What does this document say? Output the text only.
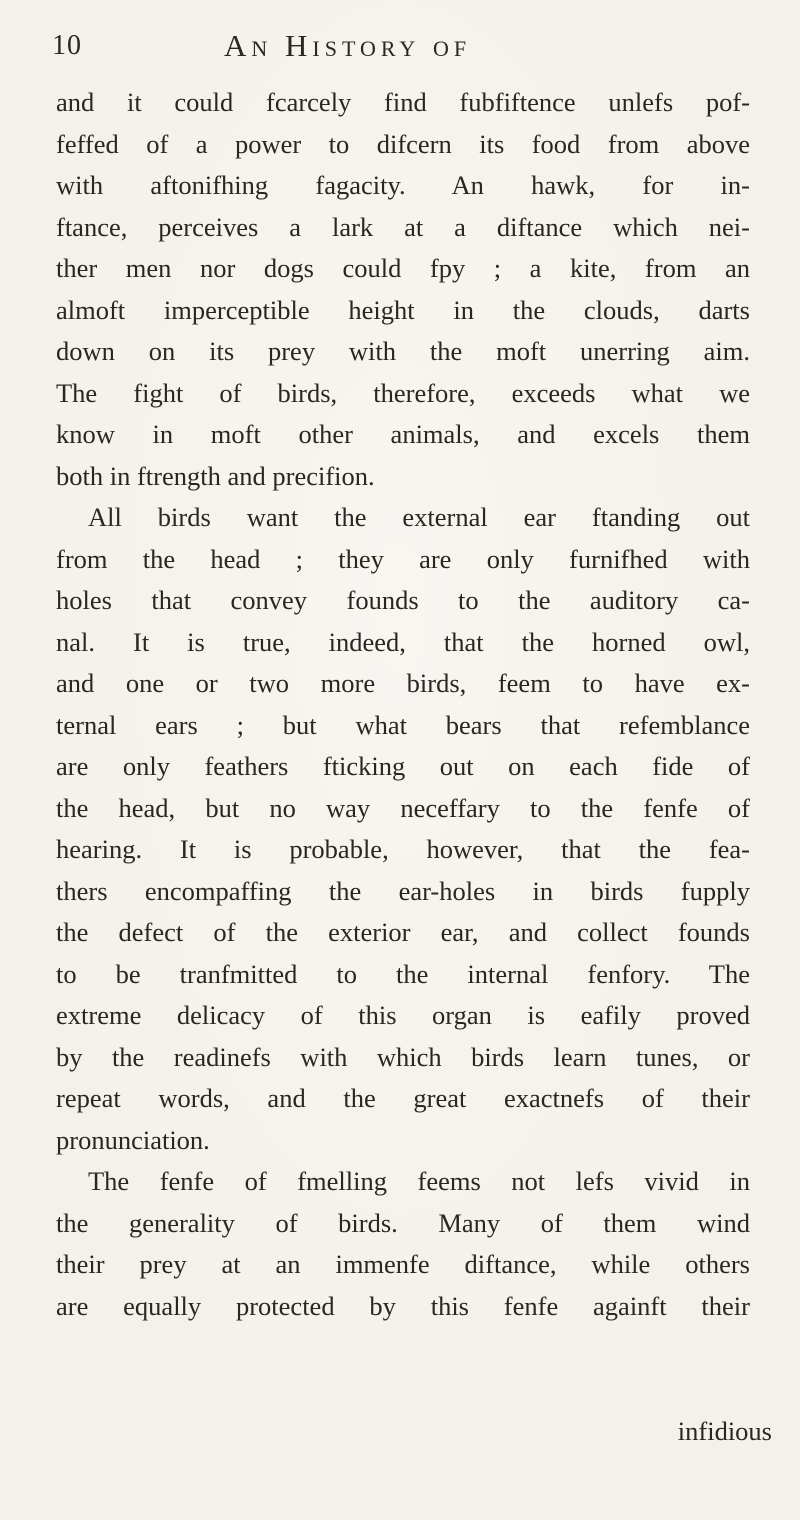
10	An History of
and it could fcarcely find fubfiftence unlefs pof-
feffed of a power to difcern its food from above
with aftonifhing fagacity. An hawk, for in-
ftance, perceives a lark at a diftance which nei-
ther men nor dogs could fpy ; a kite, from an
almoft imperceptible height in the clouds, darts
down on its prey with the moft unerring aim.
The fight of birds, therefore, exceeds what we
know in moft other animals, and excels them
both in ftrength and precifion.
All birds want the external ear ftanding out
from the head ; they are only furnifhed with
holes that convey founds to the auditory ca-
nal. It is true, indeed, that the horned owl,
and one or two more birds, feem to have ex-
ternal ears ; but what bears that refemblance
are only feathers fticking out on each fide of
the head, but no way neceffary to the fenfe of
hearing. It is probable, however, that the fea-
thers encompaffing the ear-holes in birds fupply
the defect of the exterior ear, and collect founds
to be tranfmitted to the internal fenfory. The
extreme delicacy of this organ is eafily proved
by the readinefs with which birds learn tunes, or
repeat words, and the great exactnefs of their
pronunciation.
The fenfe of fmelling feems not lefs vivid in
the generality of birds. Many of them wind
their prey at an immenfe diftance, while others
are equally protected by this fenfe againft their
infidious
